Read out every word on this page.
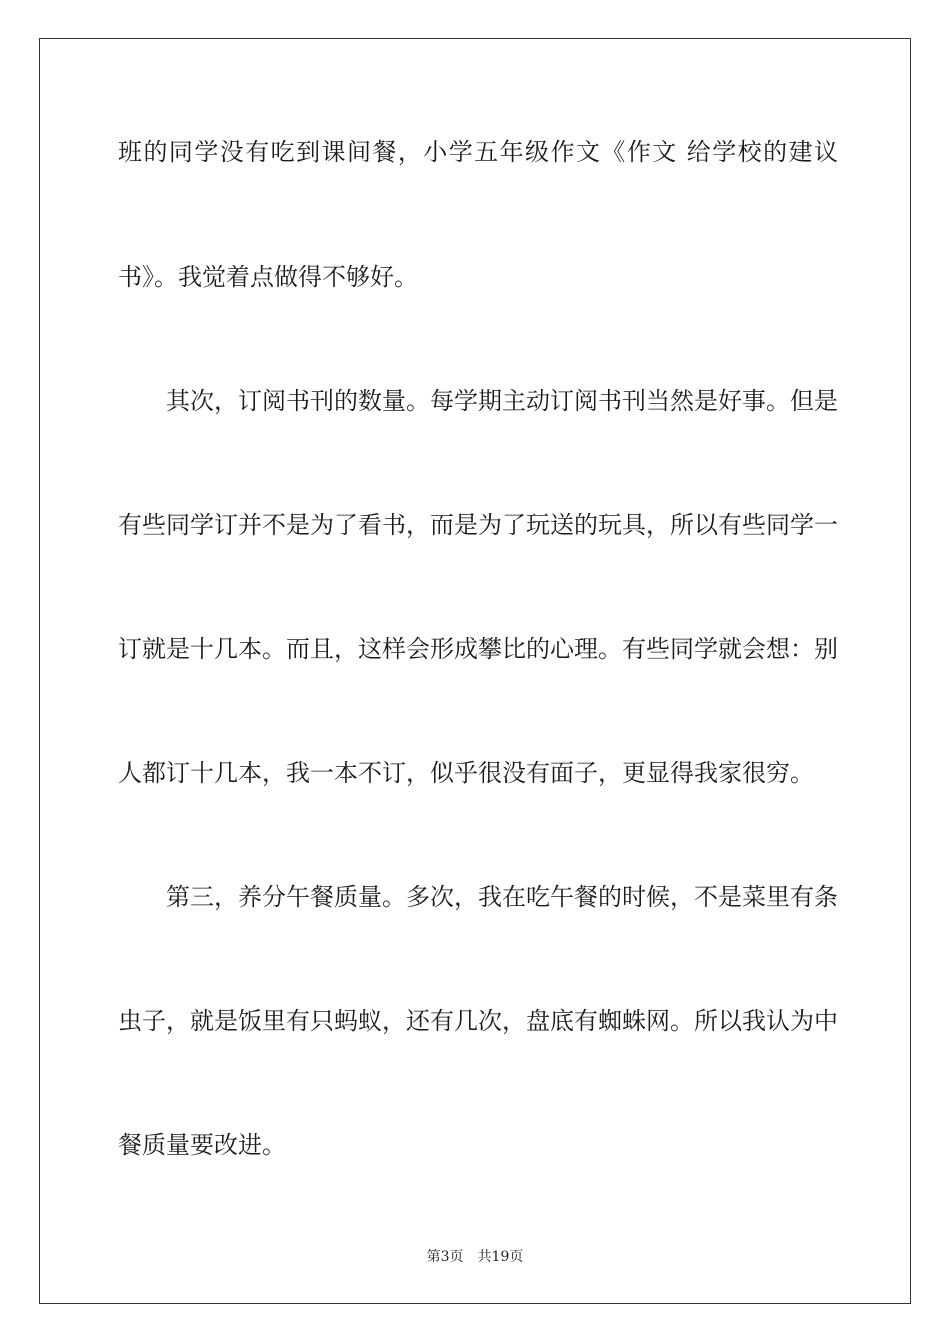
班的同学没有吃到课间餐，小学五年级作文《作文 给学校的建议
书》。我觉着点做得不够好。
其次，订阅书刊的数量。每学期主动订阅书刊当然是好事。但是
有些同学订并不是为了看书，而是为了玩送的玩具，所以有些同学一
订就是十几本。而且，这样会形成攀比的心理。有些同学就会想：别
人都订十几本，我一本不订，似乎很没有面子，更显得我家很穷。
第三，养分午餐质量。多次，我在吃午餐的时候，不是菜里有条
虫子，就是饭里有只蚂蚁，还有几次，盘底有蜘蛛网。所以我认为中
餐质量要改进。
第3页 共19页
